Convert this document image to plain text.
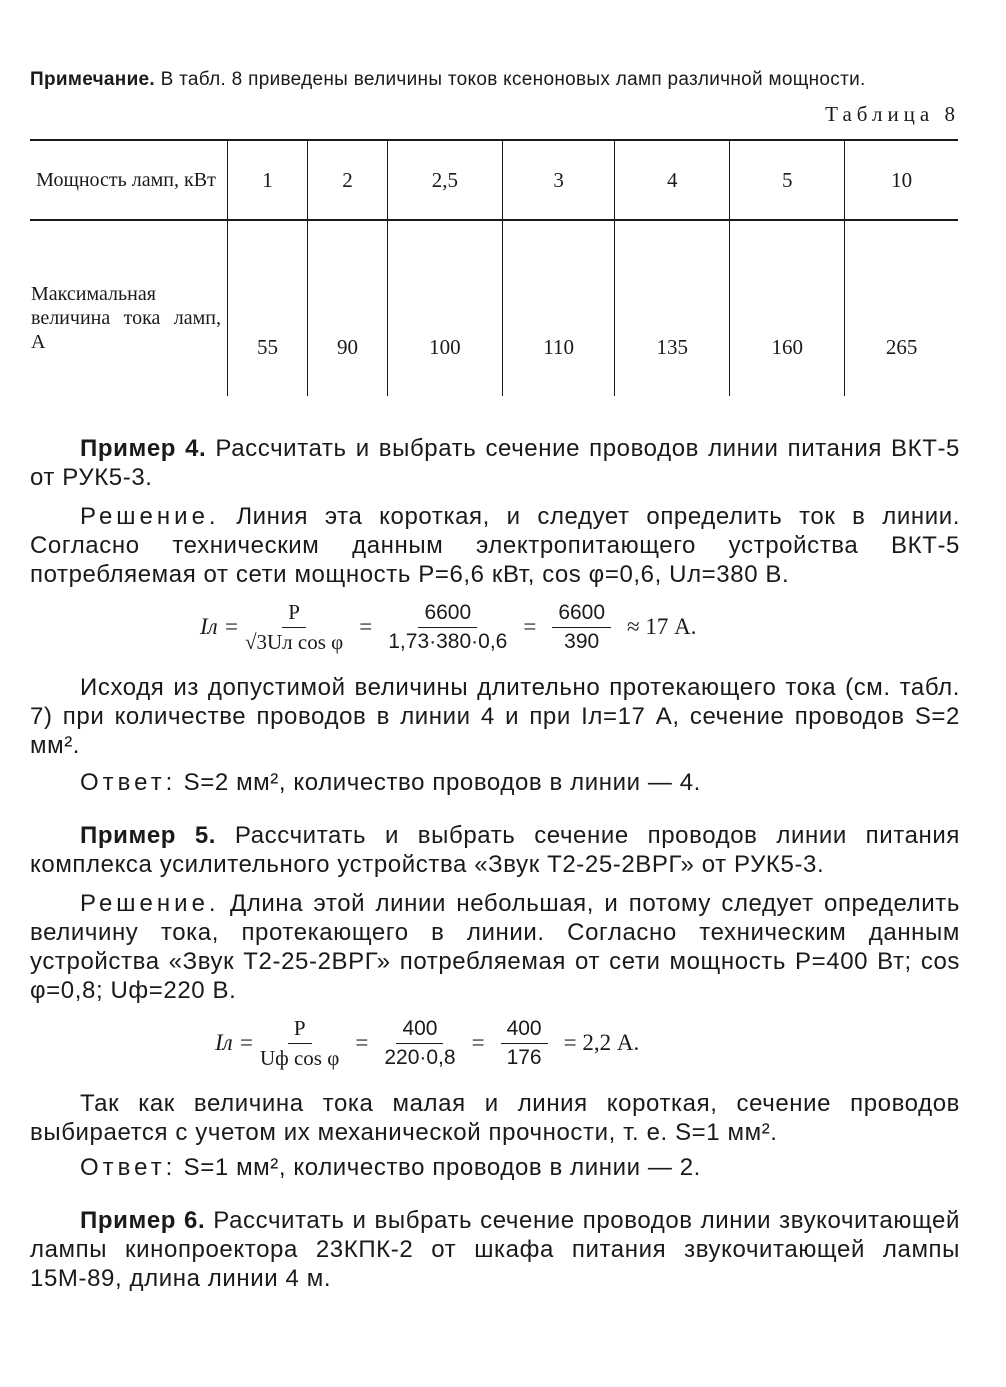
Примечание. В табл. 8 приведены величины токов ксеноновых ламп различной мощности.
Таблица 8
Мощность ламп, кВт	1	2	2,5	3	4	5	10
Максимальная величина тока ламп, А	55	90	100	110	135	160	265

Пример 4. Рассчитать и выбрать сечение проводов линии питания ВКТ-5 от РУК5-3.

Решение. Линия эта короткая, и следует определить ток в линии. Согласно техническим данным электропитающего устройства ВКТ-5 потребляемая от сети мощность P=6,6 кВт, cos φ=0,6, Uл=380 В.

Iл = $\frac{P}{\text{√3Uл cos φ}} = \frac{6600}{1,73\cdot 380\cdot 0,6} = \frac{6600}{390} \approx 17$ А.

Исходя из допустимой величины длительно протекающего тока (см. табл. 7) при количестве проводов в линии 4 и при Iл=17 А, сечение проводов S=2 мм².

Ответ: S=2 мм², количество проводов в линии — 4.

Пример 5. Рассчитать и выбрать сечение проводов линии питания комплекса усилительного устройства «Звук Т2-25-2ВРГ» от РУК5-3.

Решение. Длина этой линии небольшая, и потому следует определить величину тока, протекающего в линии. Согласно техническим данным устройства «Звук Т2-25-2ВРГ» потребляемая от сети мощность P=400 Вт; cos φ=0,8; Uф=220 В.

Iл = $\frac{P}{\text{Uф cos φ}} = \frac{400}{220\cdot 0,8} = \frac{400}{176} = 2,2$ А.

Так как величина тока малая и линия короткая, сечение проводов выбирается с учетом их механической прочности, т. е. S=1 мм².

Ответ: S=1 мм², количество проводов в линии — 2.

Пример 6. Рассчитать и выбрать сечение проводов линии звукочитающей лампы кинопроектора 23КПК-2 от шкафа питания звукочитающей лампы 15М-89, длина линии 4 м.
